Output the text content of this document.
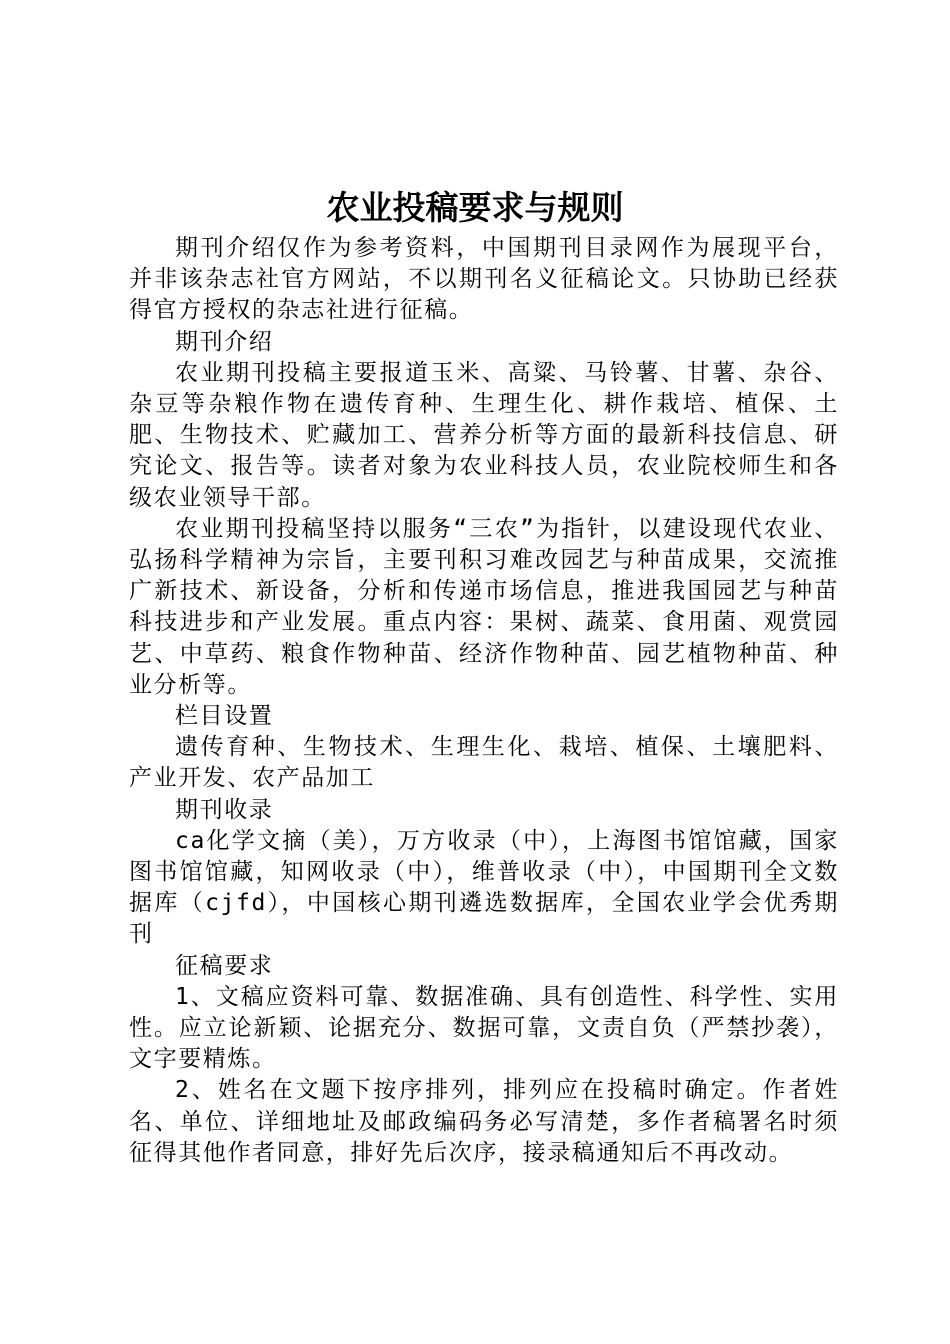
农业投稿要求与规则

期刊介绍仅作为参考资料，中国期刊目录网作为展现平台，并非该杂志社官方网站，不以期刊名义征稿论文。只协助已经获得官方授权的杂志社进行征稿。

期刊介绍

农业期刊投稿主要报道玉米、高粱、马铃薯、甘薯、杂谷、杂豆等杂粮作物在遗传育种、生理生化、耕作栽培、植保、土肥、生物技术、贮藏加工、营养分析等方面的最新科技信息、研究论文、报告等。读者对象为农业科技人员，农业院校师生和各级农业领导干部。

农业期刊投稿坚持以服务“三农”为指针，以建设现代农业、弘扬科学精神为宗旨，主要刊积习难改园艺与种苗成果，交流推广新技术、新设备，分析和传递市场信息，推进我国园艺与种苗科技进步和产业发展。重点内容：果树、蔬菜、食用菌、观赏园艺、中草药、粮食作物种苗、经济作物种苗、园艺植物种苗、种业分析等。

栏目设置

遗传育种、生物技术、生理生化、栽培、植保、土壤肥料、产业开发、农产品加工

期刊收录

ca化学文摘（美），万方收录（中），上海图书馆馆藏，国家图书馆馆藏，知网收录（中），维普收录（中），中国期刊全文数据库（cjfd），中国核心期刊遴选数据库，全国农业学会优秀期刊

征稿要求

1、文稿应资料可靠、数据准确、具有创造性、科学性、实用性。应立论新颖、论据充分、数据可靠，文责自负（严禁抄袭），文字要精炼。

2、姓名在文题下按序排列，排列应在投稿时确定。作者姓名、单位、详细地址及邮政编码务必写清楚，多作者稿署名时须征得其他作者同意，排好先后次序，接录稿通知后不再改动。
